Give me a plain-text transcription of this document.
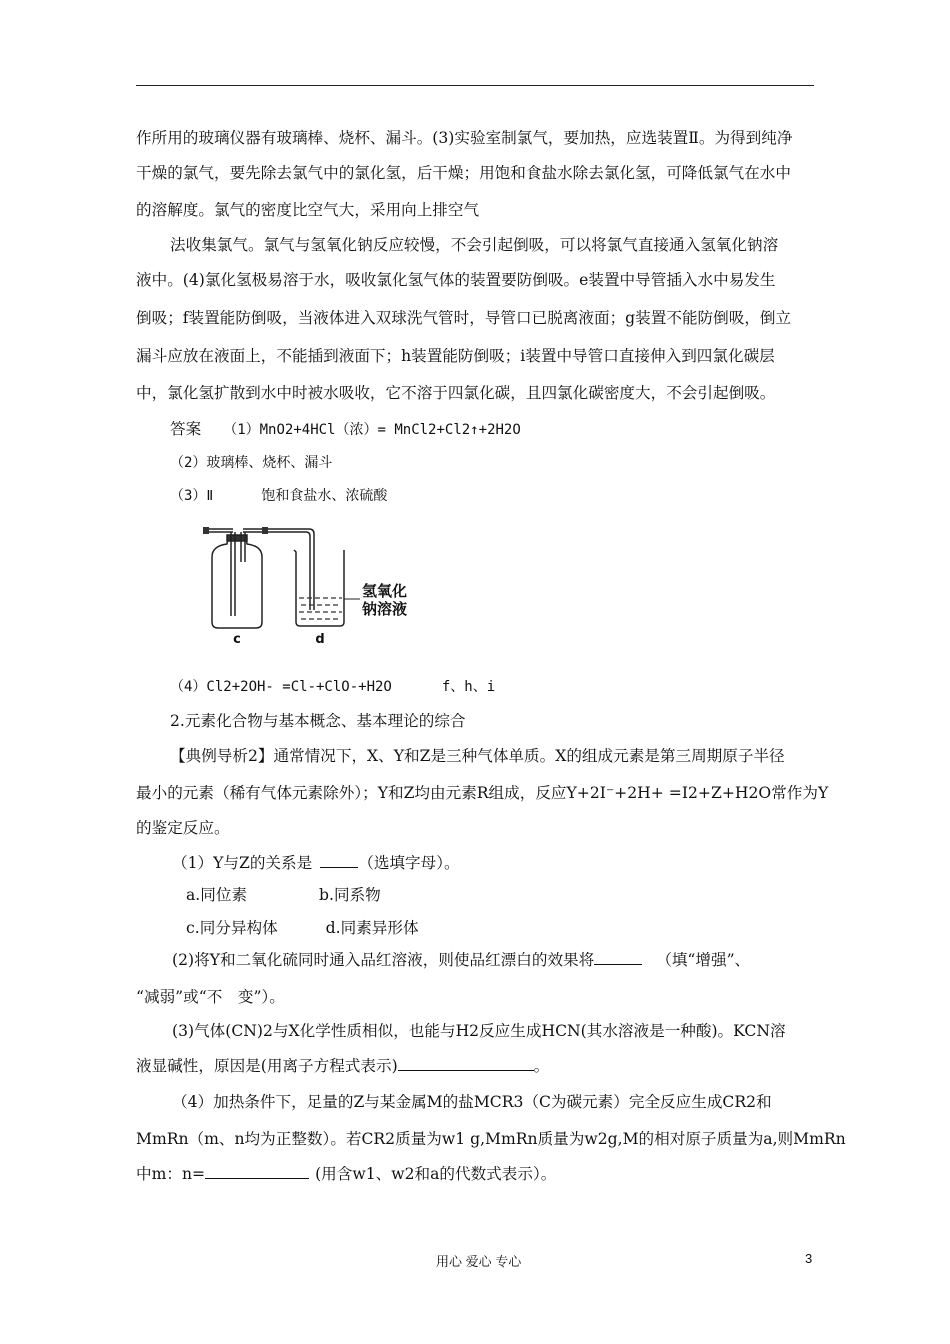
作所用的玻璃仪器有玻璃棒、烧杯、漏斗。(3)实验室制氯气，要加热，应选装置Ⅱ。为得到纯净
干燥的氯气，要先除去氯气中的氯化氢，后干燥；用饱和食盐水除去氯化氢，可降低氯气在水中
的溶解度。氯气的密度比空气大，采用向上排空气
法收集氯气。氯气与氢氧化钠反应较慢，不会引起倒吸，可以将氯气直接通入氢氧化钠溶
液中。(4)氯化氢极易溶于水，吸收氯化氢气体的装置要防倒吸。e装置中导管插入水中易发生
倒吸；f装置能防倒吸，当液体进入双球洗气管时，导管口已脱离液面；g装置不能防倒吸，倒立
漏斗应放在液面上，不能插到液面下；h装置能防倒吸；i装置中导管口直接伸入到四氯化碳层
中，氯化氢扩散到水中时被水吸收，它不溶于四氯化碳，且四氯化碳密度大，不会引起倒吸。
答案 （1）MnO2+4HCl（浓）= MnCl2+Cl2↑+2H2O
（2）玻璃棒、烧杯、漏斗
（3）Ⅱ	饱和食盐水、浓硫酸
c	d
氢氧化
钠溶液
（4）Cl2+2OH- =Cl-+ClO-+H2O	f、h、i
2.元素化合物与基本概念、基本理论的综合
【典例导析2】通常情况下，X、Y和Z是三种气体单质。X的组成元素是第三周期原子半径
最小的元素（稀有气体元素除外）；Y和Z均由元素R组成，反应Y+2I⁻+2H+ =I2+Z+H2O常作为Y
的鉴定反应。
（1）Y与Z的关系是	（选填字母）。
a.同位素	b.同系物
c.同分异构体	d.同素异形体
(2)将Y和二氧化硫同时通入品红溶液，则使品红漂白的效果将	（填“增强”、
“减弱”或“不　变”）。
(3)气体(CN)2与X化学性质相似，也能与H2反应生成HCN(其水溶液是一种酸)。KCN溶
液显碱性，原因是(用离子方程式表示)	。
（4）加热条件下，足量的Z与某金属M的盐MCR3（C为碳元素）完全反应生成CR2和
MmRn（m、n均为正整数）。若CR2质量为w1 g,MmRn质量为w2g,M的相对原子质量为a,则MmRn
中m：n=	(用含w1、w2和a的代数式表示）。
用心 爱心 专心	3
